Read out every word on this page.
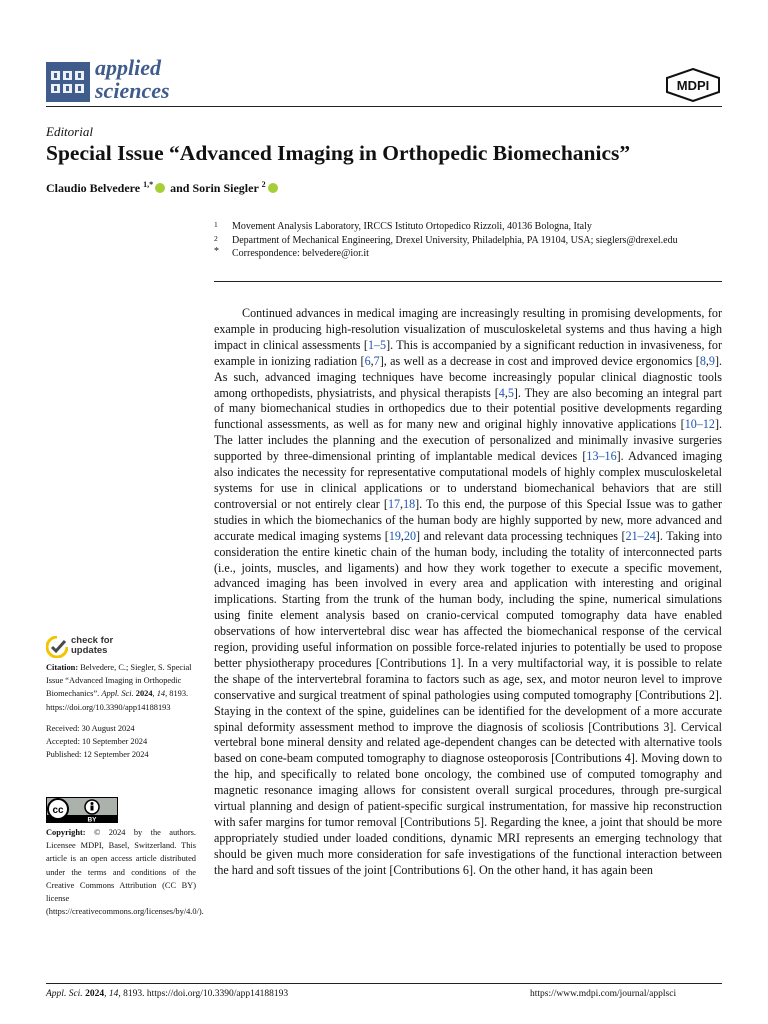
applied
sciences	MDPI
Editorial
Special Issue “Advanced Imaging in Orthopedic Biomechanics”
Claudio Belvedere $^{1,*}$ and Sorin Siegler $^2$
1	Movement Analysis Laboratory, IRCCS Istituto Ortopedico Rizzoli, 40136 Bologna, Italy
2	Department of Mechanical Engineering, Drexel University, Philadelphia, PA 19104, USA; sieglers@drexel.edu
*	Correspondence: belvedere@ior.it

Continued advances in medical imaging are increasingly resulting in promising developments, for example in producing high-resolution visualization of musculoskeletal systems and thus having a high impact in clinical assessments [1–5]. This is accompanied by a significant reduction in invasiveness, for example in ionizing radiation [6,7], as well as a decrease in cost and improved device ergonomics [8,9]. As such, advanced imaging techniques have become increasingly popular clinical diagnostic tools among orthopedists, physiatrists, and physical therapists [4,5]. They are also becoming an integral part of many biomechanical studies in orthopedics due to their potential positive developments regarding functional assessments, as well as for many new and original highly innovative applications [10–12]. The latter includes the planning and the execution of personalized and minimally invasive surgeries supported by three-dimensional printing of implantable medical devices [13–16]. Advanced imaging also indicates the necessity for representative computational models of highly complex musculoskeletal systems for use in clinical applications or to understand biomechanical behaviors that are still controversial or not entirely clear [17,18]. To this end, the purpose of this Special Issue was to gather studies in which the biomechanics of the human body are highly supported by new, more advanced and accurate medical imaging systems [19,20] and relevant data processing techniques [21–24]. Taking into consideration the entire kinetic chain of the human body, including the totality of interconnected parts (i.e., joints, muscles, and ligaments) and how they work together to execute a specific movement, advanced imaging has been involved in every area and application with interesting and original implications. Starting from the trunk of the human body, including the spine, numerical simulations using finite element analysis based on cranio-cervical computed tomography data have enabled observations of how intervertebral disc wear has affected the biomechanical response of the cervical region, providing useful information on possible force-related injuries to potentially be used to propose better physiotherapy procedures [Contributions 1]. In a very multifactorial way, it is possible to relate the shape of the intervertebral foramina to factors such as age, sex, and motor neuron level to improve conservative and surgical treatment of spinal pathologies using computed tomography [Contributions 2]. Staying in the context of the spine, guidelines can be identified for the development of a more accurate spinal deformity assessment method to improve the diagnosis of scoliosis [Contributions 3]. Cervical vertebral bone mineral density and related age-dependent changes can be detected with alternative tools based on cone-beam computed tomography to diagnose osteoporosis [Contributions 4]. Moving down to the hip, and specifically to related bone oncology, the combined use of computed tomography and magnetic resonance imaging allows for consistent overall surgical procedures, through pre-surgical virtual planning and design of patient-specific surgical instrumentation, for massive hip reconstruction with safer margins for tumor removal [Contributions 5]. Regarding the knee, a joint that should be more appropriately studied under loaded conditions, dynamic MRI represents an emerging technology that should be given much more consideration for safe investigations of the functional interaction between the hard and soft tissues of the joint [Contributions 6]. On the other hand, it has again been

check for
updates

Citation: Belvedere, C.; Siegler, S. Special Issue “Advanced Imaging in Orthopedic Biomechanics”. Appl. Sci. 2024, 14, 8193. https://doi.org/10.3390/app14188193

Received: 30 August 2024

Accepted: 10 September 2024

Published: 12 September 2024

cc
BY
Copyright: © 2024 by the authors. Licensee MDPI, Basel, Switzerland. This article is an open access article distributed under the terms and conditions of the Creative Commons Attribution (CC BY) license (https://creativecommons.org/licenses/by/4.0/).
Appl. Sci. 2024, 14, 8193. https://doi.org/10.3390/app14188193	https://www.mdpi.com/journal/applsci
